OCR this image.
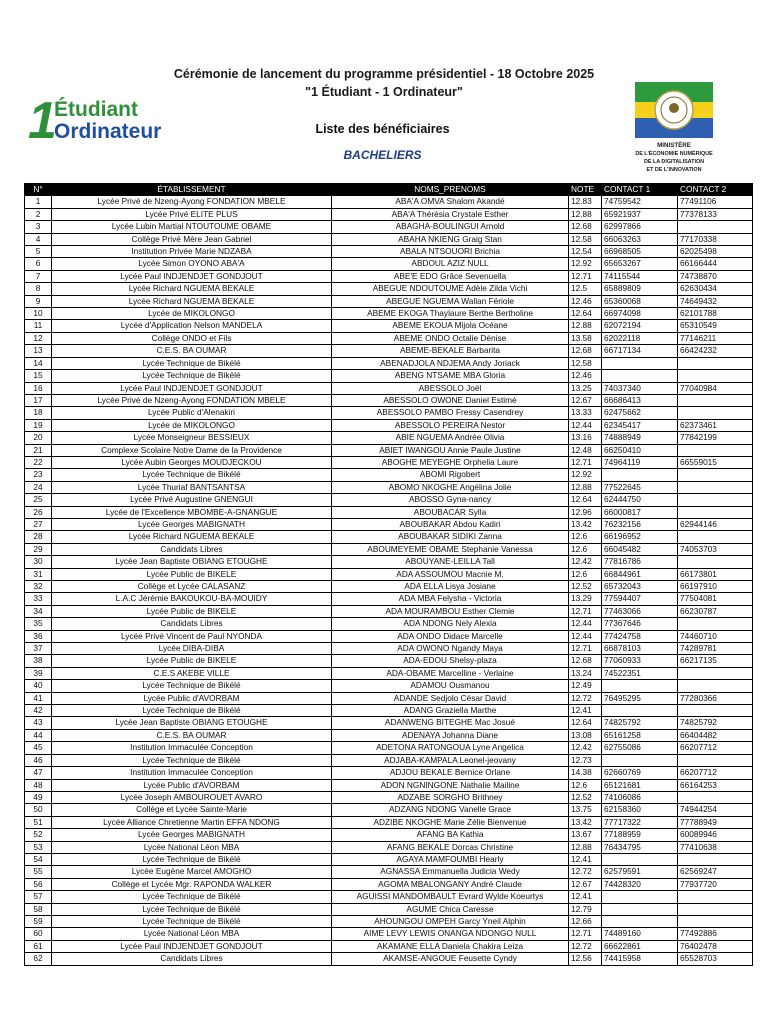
1
Étudiant
Ordinateur
Cérémonie de lancement du programme présidentiel - 18 Octobre 2025
"1 Étudiant - 1 Ordinateur"
Liste des bénéficiaires
BACHELIERS
MINISTÈRE
DE L'ÉCONOMIE NUMÉRIQUE
DE LA DIGITALISATION
ET DE L'INNOVATION
N°	ÉTABLISSEMENT	NOMS_PRENOMS	NOTE	CONTACT 1	CONTACT 2
1	Lycée Privé de Nzeng-Ayong FONDATION MBELE	ABA'A OMVA Shalom Akandé	12.83	74759542	77491106
2	Lycée Privé ELITE PLUS	ABA'A Thérésia Crystale Esther	12.88	65921937	77378133
3	Lycée Lubin Martial NTOUTOUME OBAME	ABAGHA-BOULINGUI Arnold	12.68	62997866	
4	Collège Privé Mère Jean Gabriel	ABAHA NKIENG Graig Stan	12.58	66063263	77170338
5	Institution Privée Marie NDZABA	ABALA NTSOUORI Brichia	12.54	66968505	62025498
6	Lycée Simon OYONO ABA'A	ABDOUL AZIZ NULL	12.92	65653267	66166444
7	Lycée Paul INDJENDJET GONDJOUT	ABE'E EDO Grâce Sevenuella	12.71	74115544	74738870
8	Lycée Richard NGUEMA BEKALE	ABEGUE NDOUTOUME Adèle Zilda Vichi	12.5	65889809	62630434
9	Lycée Richard NGUEMA BEKALE	ABEGUE NGUEMA Wallan Fériole	12.46	65360068	74649432
10	Lycée de MIKOLONGO	ABEME EKOGA Thaylaure Berthe Bertholine	12.64	66974098	62101788
11	Lycée d'Application Nelson MANDELA	ABEME EKOUA Mijola Océane	12.88	62072194	65310549
12	Collège ONDO et Fils	ABEME ONDO Octalie Dénise	13.58	62022118	77146211
13	C.E.S. BA OUMAR	ABEME-BEKALE Barbarita	12.68	66717134	66424232
14	Lycée Technique de Bikélé	ABENADJOLA NDJEMA Andy Joriack	12.58		
15	Lycée Technique de Bikélé	ABENG NTSAME MBA Gloria	12.46		
16	Lycée Paul INDJENDJET GONDJOUT	ABESSOLO Joël	13.25	74037340	77040984
17	Lycée Privé de Nzeng-Ayong FONDATION MBELE	ABESSOLO OWONE Daniel Estimé	12.67	66686413	
18	Lycée Public d'Alenakiri	ABESSOLO PAMBO Fressy Casendrey	13.33	62475662	
19	Lycée de MIKOLONGO	ABESSOLO PEREIRA Nestor	12.44	62345417	62373461
20	Lycée Monseigneur BESSIEUX	ABIE NGUEMA Andrée Olivia	13.16	74888949	77842199
21	Complexe Scolaire Notre Dame de la Providence	ABIET IWANGOU Annie Paule Justine	12.48	66250410	
22	Lycée Aubin Georges MOUDJECKOU	ABOGHE MEYEGHE Orphelia Laure	12.71	74964119	66559015
23	Lycée Technique de Bikélé	ABOMI Rigobert	12.92		
24	Lycée Thuriaf BANTSANTSA	ABOMO NKOGHE Angélina Jolie	12.88	77522645	
25	Lycée Privé Augustine GNENGUI	ABOSSO Gyna-nancy	12.64	62444750	
26	Lycée de l'Excellence MBOMBE-A-GNANGUE	ABOUBACAR Sylla	12.96	66000817	
27	Lycée Georges MABIGNATH	ABOUBAKAR Abdou Kadiri	13.42	76232156	62944146
28	Lycée Richard NGUEMA BEKALE	ABOUBAKAR SIDIKI Zanna	12.6	66196952	
29	Candidats Libres	ABOUMEYEME OBAME Stephanie Vanessa	12.6	66045482	74053703
30	Lycée Jean Baptiste OBIANG ETOUGHE	ABOUYANE-LEILLA Tall	12.42	77816786	
31	Lycée Public de BIKELE	ADA ASSOUMOU Macnie M.	12.6	66844961	66173801
32	Collège et Lycée CALASANZ	ADA ELLA Lisya Josiane	12.52	65732043	66197910
33	L.A.C Jérémie BAKOUKOU-BA-MOUIDY	ADA MBA Felysha - Victoria	13.29	77594407	77504081
34	Lycée Public de BIKELE	ADA MOURAMBOU Esther Clemie	12.71	77463066	66230787
35	Candidats Libres	ADA NDONG Nely Alexia	12.44	77367646	
36	Lycée Privé Vincent de Paul NYONDA	ADA ONDO Didace Marcelle	12.44	77424758	74460710
37	Lycée DIBA-DIBA	ADA OWONO Ngandy Maya	12.71	66878103	74289781
38	Lycée Public de BIKELE	ADA-EDOU Shelsy-plaza	12.68	77060933	66217135
39	C.E.S AKEBE VILLE	ADA-OBAME Marcelline - Verlaine	13.24	74522351	
40	Lycée Technique de Bikélé	ADAMOU Ousmanou	12.49		
41	Lycée Public d'AVORBAM	ADANDE Sedjolo César David	12.72	76495295	77280366
42	Lycée Technique de Bikélé	ADANG Graziella Marthe	12.41		
43	Lycée Jean Baptiste OBIANG ETOUGHE	ADANWENG BITEGHE Mac Josué	12.64	74825792	74825792
44	C.E.S. BA OUMAR	ADENAYA Johanna Diane	13.08	65161258	66404482
45	Institution Immaculée Conception	ADETONA RATONGOUA Lyne Angelica	12.42	62755086	66207712
46	Lycée Technique de Bikélé	ADJABA-KAMPALA Leonel-jeovany	12.73		
47	Institution Immaculée Conception	ADJOU BEKALE Bernice Orlane	14.38	62660769	66207712
48	Lycée Public d'AVORBAM	ADON NGNINGONE Nathalie Mailine	12.6	65121681	66164253
49	Lycée Joseph AMBOUROUET AVARO	ADZABE SORGHO Brithney	12.52	74106086	
50	Collège et Lycée Sainte-Marie	ADZANG NDONG Vanelle Grace	13.75	62158360	74944254
51	Lycée Alliance Chretienne Martin EFFA NDONG	ADZIBE NKOGHE Marie Zélie Bienvenue	13.42	77717322	77788949
52	Lycée Georges MABIGNATH	AFANG BA Kathia	13.67	77188959	60089946
53	Lycée National Léon MBA	AFANG BEKALE Dorcas Christine	12.88	76434795	77410638
54	Lycée Technique de Bikélé	AGAYA MAMFOUMBI Hearly	12.41		
55	Lycée Eugène Marcel AMOGHO	AGNASSA Emmanuella Judicia Wedy	12.72	62579591	62569247
56	Collège et Lycée Mgr. RAPONDA WALKER	AGOMA MBALONGANY André Claude	12.67	74428320	77937720
57	Lycée Technique de Bikélé	AGUISSI MANDOMBAULT Evrard Wylde Koeurtys	12.41		
58	Lycée Technique de Bikélé	AGUME Chica Caresse	12.79		
59	Lycée Technique de Bikélé	AHOUNGOU OMPEH Garcy Yneil Alphin	12.66		
60	Lycée National Léon MBA	AIME LEVY LEWIS ONANGA NDONGO NULL	12.71	74489160	77492886
61	Lycée Paul INDJENDJET GONDJOUT	AKAMANE ELLA Daniela Chakira Leiza	12.72	66622861	76402478
62	Candidats Libres	AKAMSE-ANGOUE Feusette Cyndy	12.56	74415958	65528703
